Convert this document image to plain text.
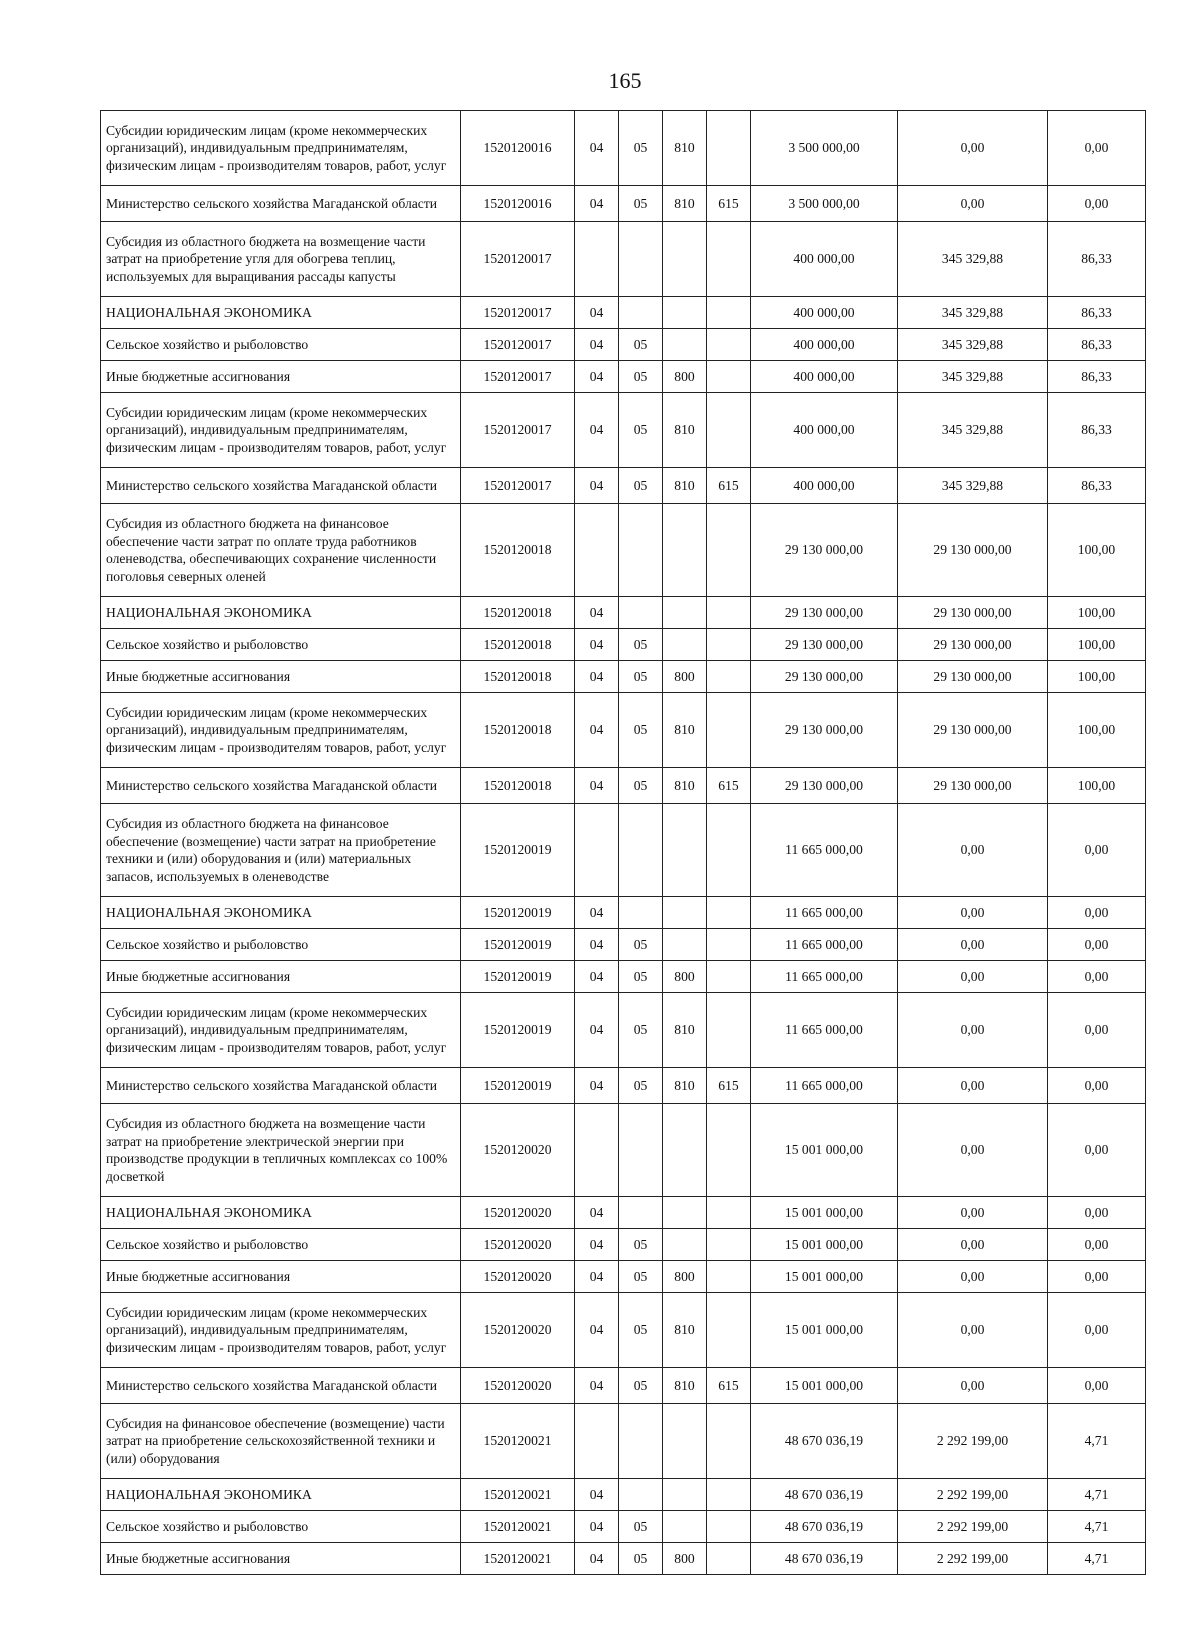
165
Субсидии юридическим лицам (кроме некоммерческих организаций), индивидуальным предпринимателям, физическим лицам - производителям товаров, работ, услуг	1520120016	04	05	810		3 500 000,00	0,00	0,00
Министерство сельского хозяйства Магаданской области	1520120016	04	05	810	615	3 500 000,00	0,00	0,00
Субсидия из областного бюджета на возмещение части затрат на приобретение угля для обогрева теплиц, используемых для выращивания рассады капусты	1520120017					400 000,00	345 329,88	86,33
НАЦИОНАЛЬНАЯ ЭКОНОМИКА	1520120017	04				400 000,00	345 329,88	86,33
Сельское хозяйство и рыболовство	1520120017	04	05			400 000,00	345 329,88	86,33
Иные бюджетные ассигнования	1520120017	04	05	800		400 000,00	345 329,88	86,33
Субсидии юридическим лицам (кроме некоммерческих организаций), индивидуальным предпринимателям, физическим лицам - производителям товаров, работ, услуг	1520120017	04	05	810		400 000,00	345 329,88	86,33
Министерство сельского хозяйства Магаданской области	1520120017	04	05	810	615	400 000,00	345 329,88	86,33
Субсидия из областного бюджета на финансовое обеспечение части затрат по оплате труда работников оленеводства, обеспечивающих сохранение численности поголовья северных оленей	1520120018					29 130 000,00	29 130 000,00	100,00
НАЦИОНАЛЬНАЯ ЭКОНОМИКА	1520120018	04				29 130 000,00	29 130 000,00	100,00
Сельское хозяйство и рыболовство	1520120018	04	05			29 130 000,00	29 130 000,00	100,00
Иные бюджетные ассигнования	1520120018	04	05	800		29 130 000,00	29 130 000,00	100,00
Субсидии юридическим лицам (кроме некоммерческих организаций), индивидуальным предпринимателям, физическим лицам - производителям товаров, работ, услуг	1520120018	04	05	810		29 130 000,00	29 130 000,00	100,00
Министерство сельского хозяйства Магаданской области	1520120018	04	05	810	615	29 130 000,00	29 130 000,00	100,00
Субсидия из областного бюджета на финансовое обеспечение (возмещение) части затрат на приобретение техники и (или) оборудования и (или) материальных запасов, используемых в оленеводстве	1520120019					11 665 000,00	0,00	0,00
НАЦИОНАЛЬНАЯ ЭКОНОМИКА	1520120019	04				11 665 000,00	0,00	0,00
Сельское хозяйство и рыболовство	1520120019	04	05			11 665 000,00	0,00	0,00
Иные бюджетные ассигнования	1520120019	04	05	800		11 665 000,00	0,00	0,00
Субсидии юридическим лицам (кроме некоммерческих организаций), индивидуальным предпринимателям, физическим лицам - производителям товаров, работ, услуг	1520120019	04	05	810		11 665 000,00	0,00	0,00
Министерство сельского хозяйства Магаданской области	1520120019	04	05	810	615	11 665 000,00	0,00	0,00
Субсидия из областного бюджета на возмещение части затрат на приобретение электрической энергии при производстве продукции в тепличных комплексах со 100% досветкой	1520120020					15 001 000,00	0,00	0,00
НАЦИОНАЛЬНАЯ ЭКОНОМИКА	1520120020	04				15 001 000,00	0,00	0,00
Сельское хозяйство и рыболовство	1520120020	04	05			15 001 000,00	0,00	0,00
Иные бюджетные ассигнования	1520120020	04	05	800		15 001 000,00	0,00	0,00
Субсидии юридическим лицам (кроме некоммерческих организаций), индивидуальным предпринимателям, физическим лицам - производителям товаров, работ, услуг	1520120020	04	05	810		15 001 000,00	0,00	0,00
Министерство сельского хозяйства Магаданской области	1520120020	04	05	810	615	15 001 000,00	0,00	0,00
Субсидия на финансовое обеспечение (возмещение) части затрат на приобретение сельскохозяйственной техники и (или) оборудования	1520120021					48 670 036,19	2 292 199,00	4,71
НАЦИОНАЛЬНАЯ ЭКОНОМИКА	1520120021	04				48 670 036,19	2 292 199,00	4,71
Сельское хозяйство и рыболовство	1520120021	04	05			48 670 036,19	2 292 199,00	4,71
Иные бюджетные ассигнования	1520120021	04	05	800		48 670 036,19	2 292 199,00	4,71
